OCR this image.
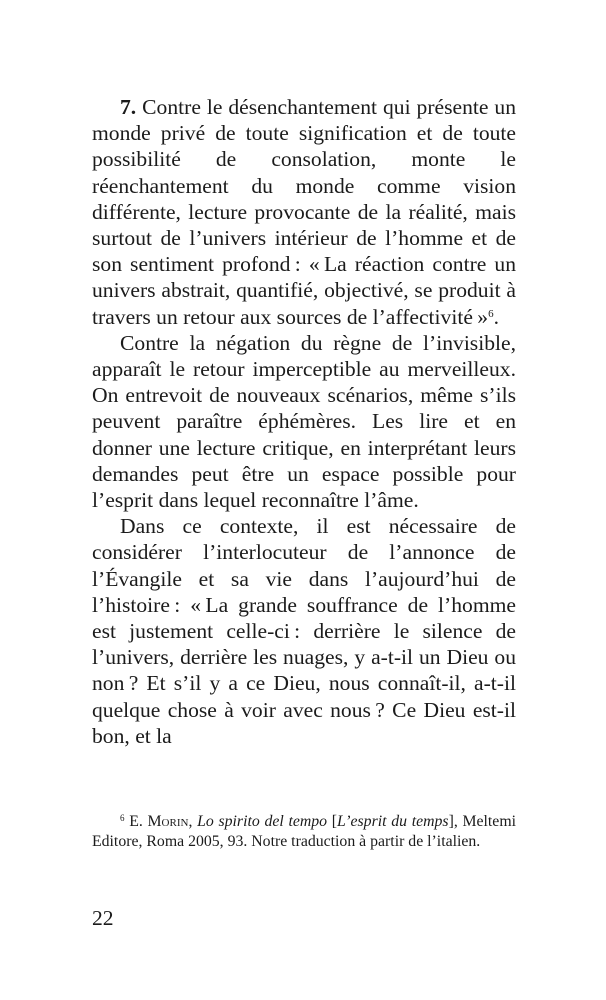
7. Contre le désenchantement qui présente un monde privé de toute signification et de toute possibilité de consolation, monte le réenchantement du monde comme vision différente, lecture provocante de la réalité, mais surtout de l’univers intérieur de l’homme et de son sentiment profond : « La réaction contre un univers abstrait, quantifié, objectivé, se produit à travers un retour aux sources de l’affectivité »$^6$.

Contre la négation du règne de l’invisible, apparaît le retour imperceptible au merveilleux. On entrevoit de nouveaux scénarios, même s’ils peuvent paraître éphémères. Les lire et en donner une lecture critique, en interprétant leurs demandes peut être un espace possible pour l’esprit dans lequel reconnaître l’âme.

Dans ce contexte, il est nécessaire de considérer l’interlocuteur de l’annonce de l’Évangile et sa vie dans l’aujourd’hui de l’histoire : « La grande souffrance de l’homme est justement celle-ci : derrière le silence de l’univers, derrière les nuages, y a-t-il un Dieu ou non ? Et s’il y a ce Dieu, nous connaît-il, a-t-il quelque chose à voir avec nous ? Ce Dieu est-il bon, et la

$^6$ E. Morin, Lo spirito del tempo [L’esprit du temps], Meltemi Editore, Roma 2005, 93. Notre traduction à partir de l’italien.
22
